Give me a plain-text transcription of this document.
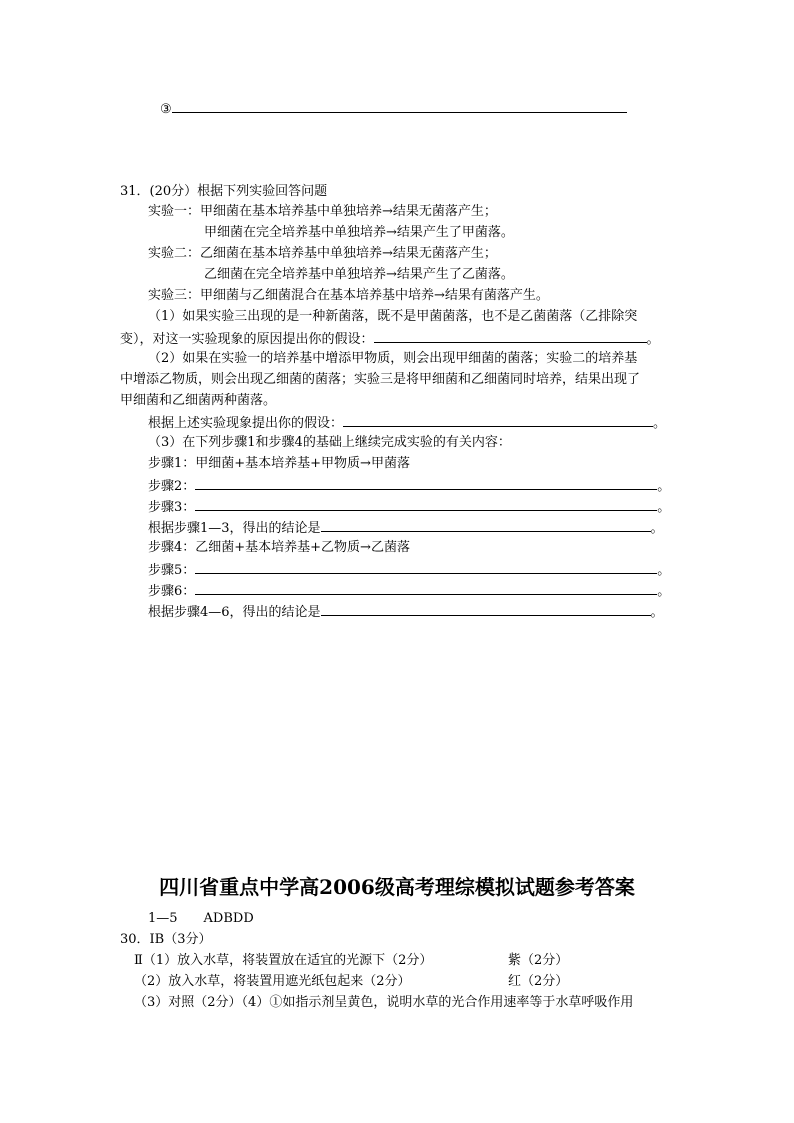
③
31．(20分）根据下列实验回答问题
实验一：甲细菌在基本培养基中单独培养→结果无菌落产生；
甲细菌在完全培养基中单独培养→结果产生了甲菌落。
实验二：乙细菌在基本培养基中单独培养→结果无菌落产生；
乙细菌在完全培养基中单独培养→结果产生了乙菌落。
实验三：甲细菌与乙细菌混合在基本培养基中培养→结果有菌落产生。
（1）如果实验三出现的是一种新菌落，既不是甲菌菌落，也不是乙菌菌落（乙排除突
变），对这一实验现象的原因提出你的假设：	。
（2）如果在实验一的培养基中增添甲物质，则会出现甲细菌的菌落；实验二的培养基
中增添乙物质，则会出现乙细菌的菌落；实验三是将甲细菌和乙细菌同时培养，结果出现了
甲细菌和乙细菌两种菌落。
根据上述实验现象提出你的假设：	。
（3）在下列步骤1和步骤4的基础上继续完成实验的有关内容：
步骤1：甲细菌+基本培养基+甲物质→甲菌落
步骤2：	。
步骤3：	。
根据步骤1—3，得出的结论是	。
步骤4：乙细菌+基本培养基+乙物质→乙菌落
步骤5：	。
步骤6：	。
根据步骤4—6，得出的结论是	。
四川省重点中学高2006级高考理综模拟试题参考答案
1—5　　ADBDD
30．ⅠB（3分）
Ⅱ（1）放入水草，将装置放在适宜的光源下（2分）	紫（2分）
（2）放入水草，将装置用遮光纸包起来（2分）	红（2分）
（3）对照（2分）（4）①如指示剂呈黄色，说明水草的光合作用速率等于水草呼吸作用
